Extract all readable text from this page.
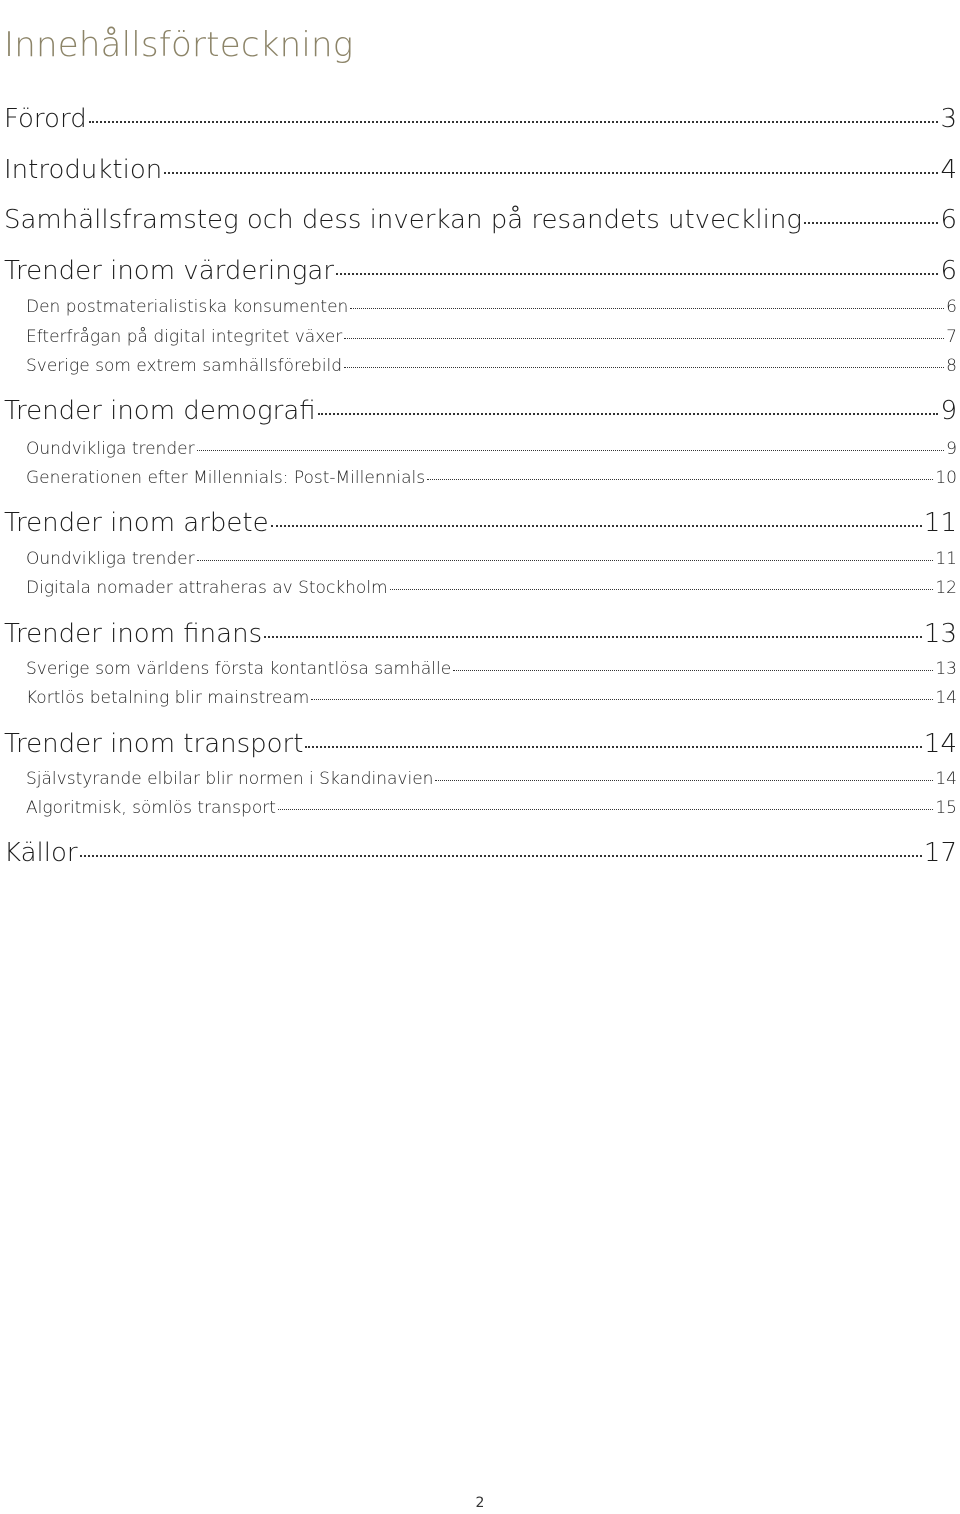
Innehållsförteckning
Förord	3
Introduktion	4
Samhällsframsteg och dess inverkan på resandets utveckling	6
Trender inom värderingar	6
Den postmaterialistiska konsumenten	6
Efterfrågan på digital integritet växer	7
Sverige som extrem samhällsförebild	8
Trender inom demografi	9
Oundvikliga trender	9
Generationen efter Millennials: Post-Millennials	10
Trender inom arbete	11
Oundvikliga trender	11
Digitala nomader attraheras av Stockholm	12
Trender inom finans	13
Sverige som världens första kontantlösa samhälle	13
Kortlös betalning blir mainstream	14
Trender inom transport	14
Självstyrande elbilar blir normen i Skandinavien	14
Algoritmisk, sömlös transport	15
Källor	17
2
